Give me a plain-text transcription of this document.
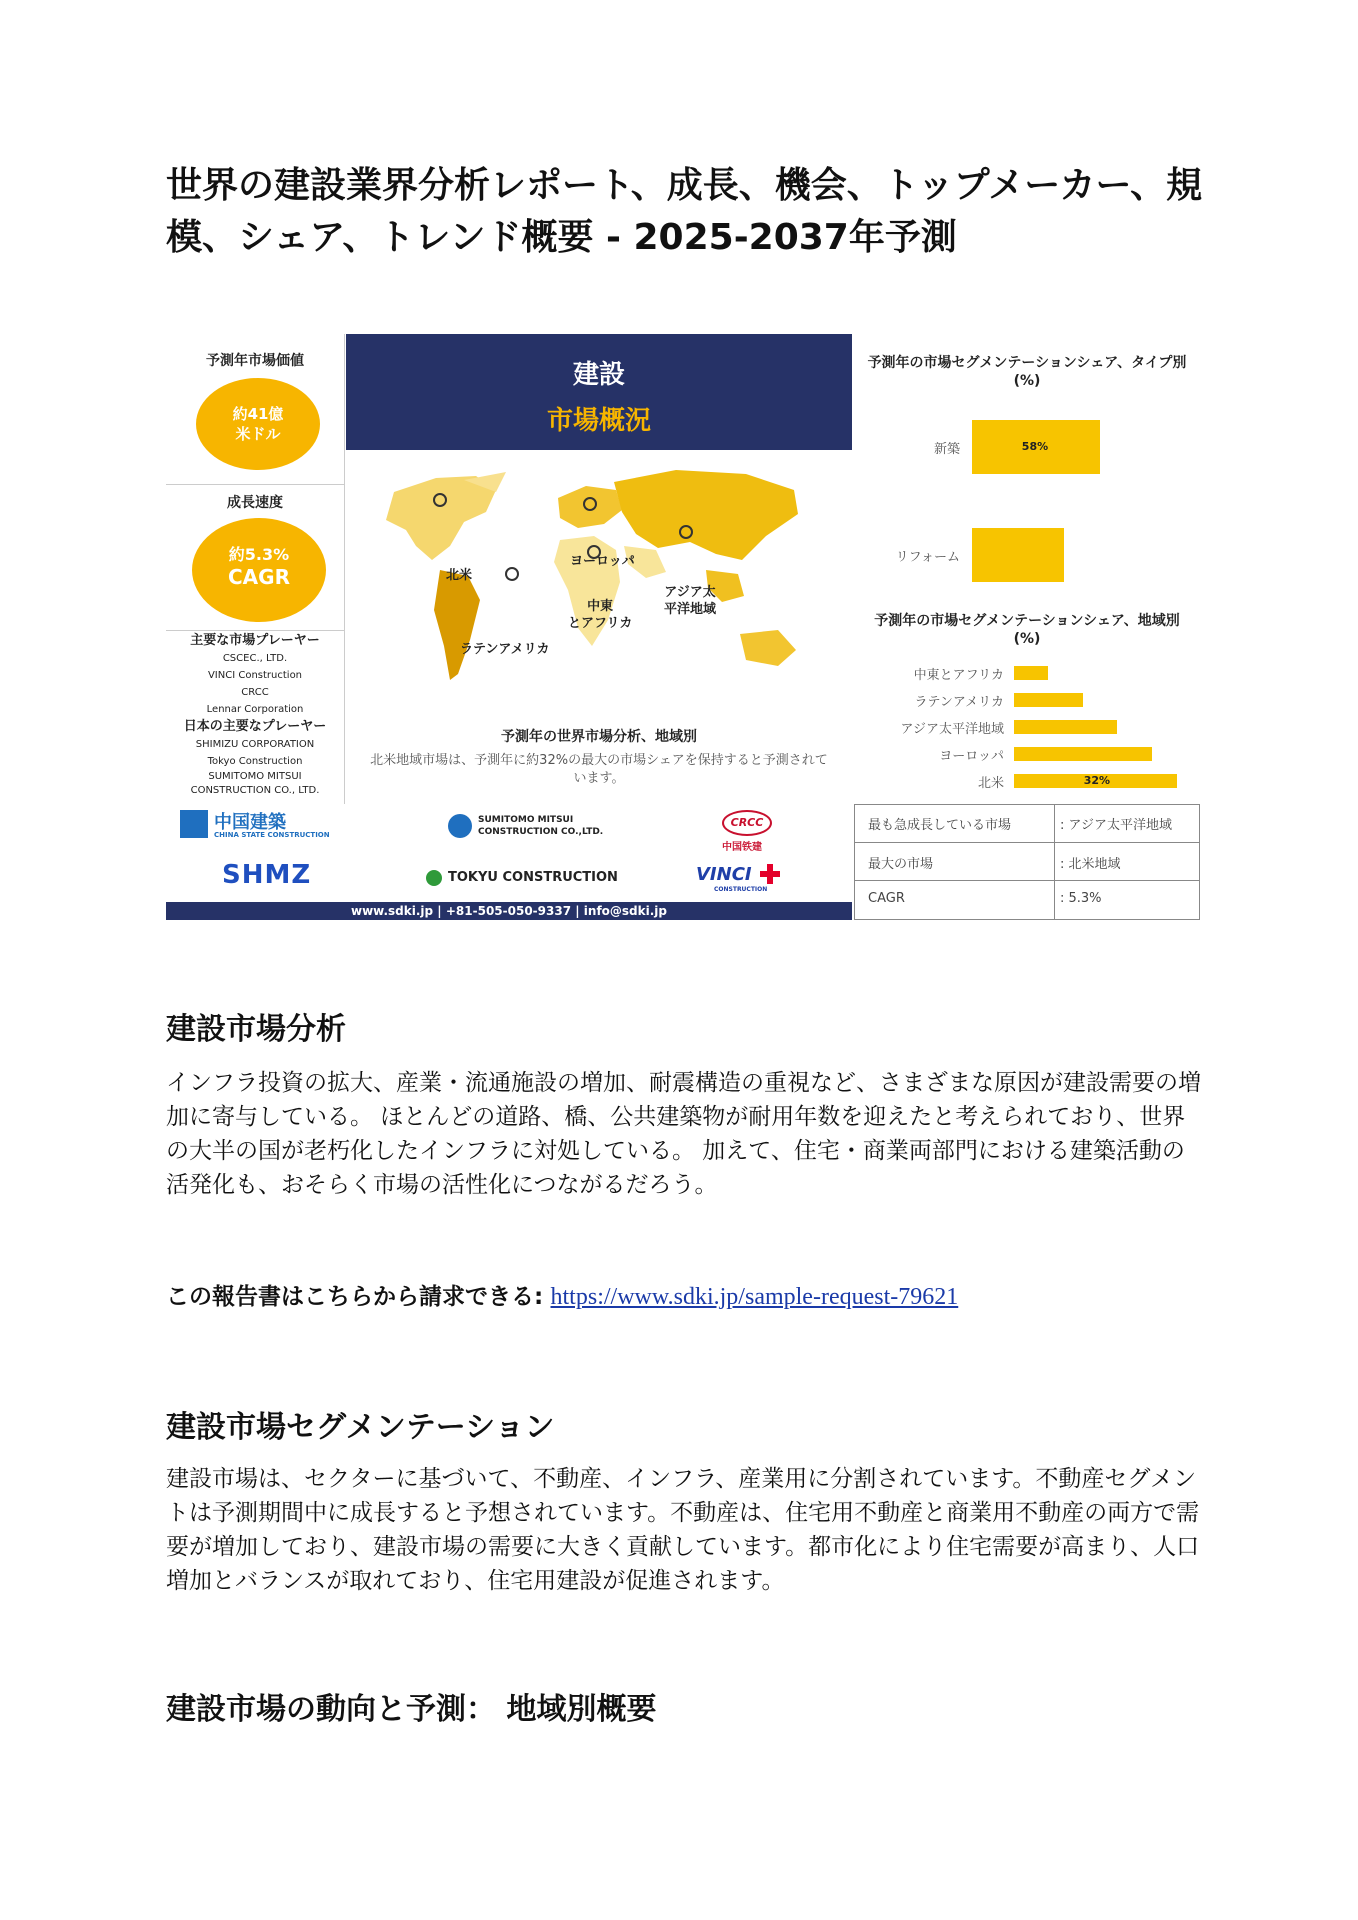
世界の建設業界分析レポート、成長、機会、トップメーカー、規模、シェア、トレンド概要 - 2025-2037年予測
予測年市場価値
約41億
米ドル
成長速度
約5.3%
CAGR
主要な市場プレーヤー
CSCEC., LTD.
VINCI Construction
CRCC
Lennar Corporation
日本の主要なプレーヤー
SHIMIZU CORPORATION
Tokyo Construction
SUMITOMO MITSUI
CONSTRUCTION CO., LTD.
建設
市場概況
北米
ヨーロッパ
アジア太
平洋地域
中東
とアフリカ
ラテンアメリカ
予測年の世界市場分析、地域別
北米地域市場は、予測年に約32%の最大の市場シェアを保持すると予測されています。
予測年の市場セグメンテーションシェア、タイプ別 (%)
新築	58%
リフォーム
予測年の市場セグメンテーションシェア、地域別 (%)
中東とアフリカ
ラテンアメリカ
アジア太平洋地域
ヨーロッパ
北米	32%
中国建築
CHINA STATE CONSTRUCTION
SUMITOMO MITSUI CONSTRUCTION CO.,LTD.
CRCC
中国铁建
SHMZ	TOKYU CONSTRUCTION	VINCI
CONSTRUCTION
www.sdki.jp | +81-505-050-9337 | info@sdki.jp
最も急成長している市場	: アジア太平洋地域
最大の市場	: 北米地域
CAGR	: 5.3%
建設市場分析

インフラ投資の拡大、産業・流通施設の増加、耐震構造の重視など、さまざまな原因が建設需要の増加に寄与している。 ほとんどの道路、橋、公共建築物が耐用年数を迎えたと考えられており、世界の大半の国が老朽化したインフラに対処している。 加えて、住宅・商業両部門における建築活動の活発化も、おそらく市場の活性化につながるだろう。

この報告書はこちらから請求できる: https://www.sdki.jp/sample-request-79621
建設市場セグメンテーション

建設市場は、セクターに基づいて、不動産、インフラ、産業用に分割されています。不動産セグメントは予測期間中に成長すると予想されています。不動産は、住宅用不動産と商業用不動産の両方で需要が増加しており、建設市場の需要に大きく貢献しています。都市化により住宅需要が高まり、人口増加とバランスが取れており、住宅用建設が促進されます。

建設市場の動向と予測： 地域別概要
